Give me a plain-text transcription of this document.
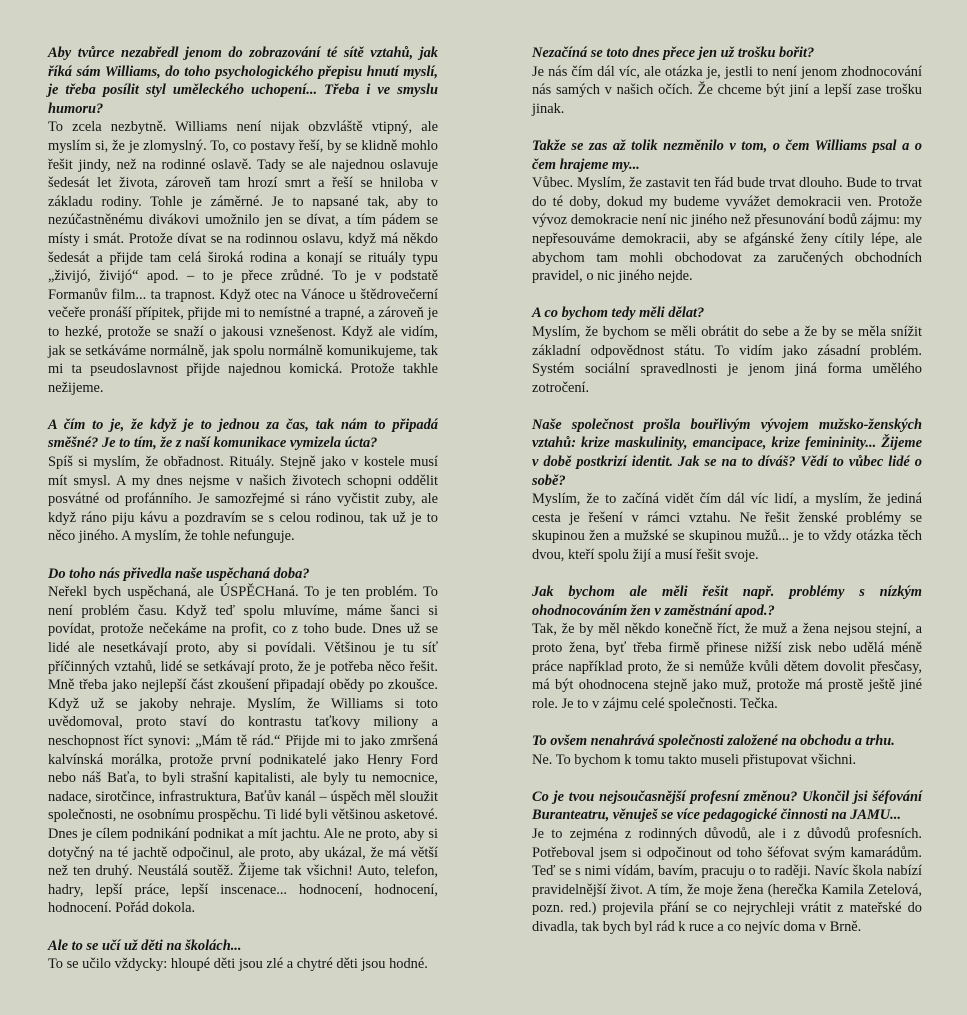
Aby tvůrce nezabředl jenom do zobrazování té sítě vztahů, jak říká sám Williams, do toho psychologického přepisu hnutí myslí, je třeba posílit styl uměleckého uchopení... Třeba i ve smyslu humoru?

To zcela nezbytně. Williams není nijak obzvláště vtipný, ale myslím si, že je zlomyslný. To, co postavy řeší, by se klidně mohlo řešit jindy, než na rodinné oslavě. Tady se ale najednou oslavuje šedesát let života, zároveň tam hrozí smrt a řeší se hniloba v základu rodiny. Tohle je záměrné. Je to napsané tak, aby to nezúčastněnému divákovi umožnilo jen se dívat, a tím pádem se místy i smát. Protože dívat se na rodinnou oslavu, když má někdo šedesát a přijde tam celá široká rodina a konají se rituály typu „živijó, živijó“ apod. – to je přece zrůdné. To je v podstatě Formanův film... ta trapnost. Když otec na Vánoce u štědrovečerní večeře pronáší přípitek, přijde mi to nemístné a trapné, a zároveň je to hezké, protože se snaží o jakousi vznešenost. Když ale vidím, jak se setkáváme normálně, jak spolu normálně komunikujeme, tak mi ta pseudoslavnost přijde najednou komická. Protože takhle nežijeme.

A čím to je, že když je to jednou za čas, tak nám to připadá směšné? Je to tím, že z naší komunikace vymizela úcta?

Spíš si myslím, že obřadnost. Rituály. Stejně jako v kostele musí mít smysl. A my dnes nejsme v našich životech schopni oddělit posvátné od profánního. Je samozřejmé si ráno vyčistit zuby, ale když ráno piju kávu a pozdravím se s celou rodinou, tak už je to něco jiného. A myslím, že tohle nefunguje.

Do toho nás přivedla naše uspěchaná doba?

Neřekl bych uspěchaná, ale ÚSPĚCHaná. To je ten problém. To není problém času. Když teď spolu mluvíme, máme šanci si povídat, protože nečekáme na profit, co z toho bude. Dnes už se lidé ale nesetkávají proto, aby si povídali. Většinou je tu síť příčinných vztahů, lidé se setkávají proto, že je potřeba něco řešit. Mně třeba jako nejlepší část zkoušení připadají obědy po zkoušce. Když už se jakoby nehraje. Myslím, že Williams si toto uvědomoval, proto staví do kontrastu taťkovy miliony a neschopnost říct synovi: „Mám tě rád.“ Přijde mi to jako zmršená kalvínská morálka, protože první podnikatelé jako Henry Ford nebo náš Baťa, to byli strašní kapitalisti, ale byly tu nemocnice, nadace, sirotčince, infrastruktura, Baťův kanál – úspěch měl sloužit společnosti, ne osobnímu prospěchu. Ti lidé byli většinou asketové. Dnes je cílem podnikání podnikat a mít jachtu. Ale ne proto, aby si dotyčný na té jachtě odpočinul, ale proto, aby ukázal, že má větší než ten druhý. Neustálá soutěž. Žijeme tak všichni! Auto, telefon, hadry, lepší práce, lepší inscenace... hodnocení, hodnocení, hodnocení. Pořád dokola.

Ale to se učí už děti na školách...

To se učilo vždycky: hloupé děti jsou zlé a chytré děti jsou hodné.

Nezačíná se toto dnes přece jen už trošku bořit?

Je nás čím dál víc, ale otázka je, jestli to není jenom zhodnocování nás samých v našich očích. Že chceme být jiní a lepší zase trošku jinak.

Takže se zas až tolik nezměnilo v tom, o čem Williams psal a o čem hrajeme my...

Vůbec. Myslím, že zastavit ten řád bude trvat dlouho. Bude to trvat do té doby, dokud my budeme vyvážet demokracii ven. Protože vývoz demokracie není nic jiného než přesunování bodů zájmu: my nepřesouváme demokracii, aby se afgánské ženy cítily lépe, ale abychom tam mohli obchodovat za zaručených obchodních pravidel, o nic jiného nejde.

A co bychom tedy měli dělat?

Myslím, že bychom se měli obrátit do sebe a že by se měla snížit základní odpovědnost státu. To vidím jako zásadní problém. Systém sociální spravedlnosti je jenom jiná forma umělého zotročení.

Naše společnost prošla bouřlivým vývojem mužsko-ženských vztahů: krize maskulinity, emancipace, krize femininity... Žijeme v době postkrizí identit. Jak se na to díváš? Vědí to vůbec lidé o sobě?

Myslím, že to začíná vidět čím dál víc lidí, a myslím, že jediná cesta je řešení v rámci vztahu. Ne řešit ženské problémy se skupinou žen a mužské se skupinou mužů... je to vždy otázka těch dvou, kteří spolu žijí a musí řešit svoje.

Jak bychom ale měli řešit např. problémy s nízkým ohodnocováním žen v zaměstnání apod.?

Tak, že by měl někdo konečně říct, že muž a žena nejsou stejní, a proto žena, byť třeba firmě přinese nižší zisk nebo udělá méně práce například proto, že si nemůže kvůli dětem dovolit přesčasy, má být ohodnocena stejně jako muž, protože má prostě ještě jiné role. Je to v zájmu celé společnosti. Tečka.

To ovšem nenahrává společnosti založené na obchodu a trhu.

Ne. To bychom k tomu takto museli přistupovat všichni.

Co je tvou nejsoučasnější profesní změnou? Ukončil jsi šéfování Buranteatru, věnuješ se více pedagogické činnosti na JAMU...

Je to zejména z rodinných důvodů, ale i z důvodů profesních. Potřeboval jsem si odpočinout od toho šéfovat svým kamarádům. Teď se s nimi vídám, bavím, pracuju o to raději. Navíc škola nabízí pravidelnější život. A tím, že moje žena (herečka Kamila Zetelová, pozn. red.) projevila přání se co nejrychleji vrátit z mateřské do divadla, tak bych byl rád k ruce a co nejvíc doma v Brně.
